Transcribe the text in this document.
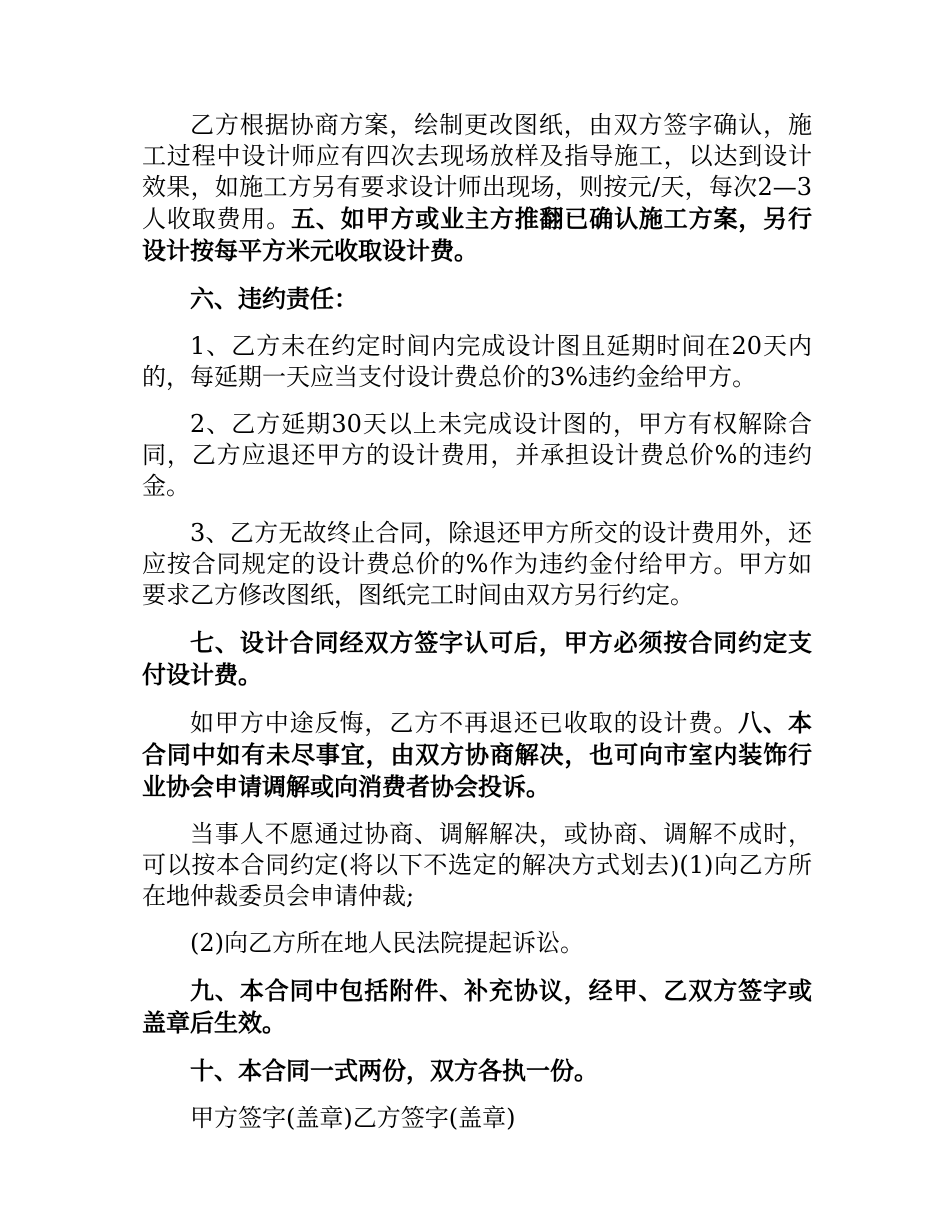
乙方根据协商方案，绘制更改图纸，由双方签字确认，施工过程中设计师应有四次去现场放样及指导施工，以达到设计效果，如施工方另有要求设计师出现场，则按元/天，每次2—3人收取费用。五、如甲方或业主方推翻已确认施工方案，另行设计按每平方米元收取设计费。

六、违约责任：

1、乙方未在约定时间内完成设计图且延期时间在20天内的，每延期一天应当支付设计费总价的3%违约金给甲方。

2、乙方延期30天以上未完成设计图的，甲方有权解除合同，乙方应退还甲方的设计费用，并承担设计费总价%的违约金。

3、乙方无故终止合同，除退还甲方所交的设计费用外，还应按合同规定的设计费总价的%作为违约金付给甲方。甲方如要求乙方修改图纸，图纸完工时间由双方另行约定。

七、设计合同经双方签字认可后，甲方必须按合同约定支付设计费。

如甲方中途反悔，乙方不再退还已收取的设计费。八、本合同中如有未尽事宜，由双方协商解决，也可向市室内装饰行业协会申请调解或向消费者协会投诉。

当事人不愿通过协商、调解解决，或协商、调解不成时，可以按本合同约定(将以下不选定的解决方式划去)(1)向乙方所在地仲裁委员会申请仲裁;

(2)向乙方所在地人民法院提起诉讼。

九、本合同中包括附件、补充协议，经甲、乙双方签字或盖章后生效。

十、本合同一式两份，双方各执一份。

甲方签字(盖章)乙方签字(盖章)
